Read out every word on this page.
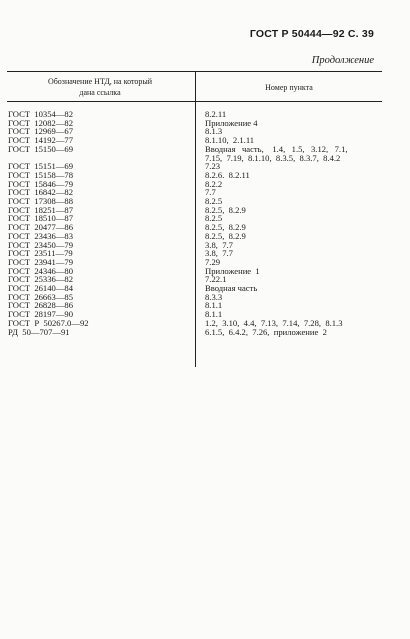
ГОСТ Р 50444—92 С. 39
Продолжение
Обозначение НТД, на который
дана ссылка
Номер пункта
ГОСТ  10354—82	8.2.11
ГОСТ  12082—82	Приложение 4
ГОСТ  12969—67	8.1.3
ГОСТ  14192—77	8.1.10,  2.1.11
ГОСТ  15150—69	Вводная   часть,    1.4,   1.5,   3.12,   7.1,
7.15,  7.19,  8.1.10,  8.3.5,  8.3.7,  8.4.2
ГОСТ  15151—69	7.23
ГОСТ  15158—78	8.2.6.  8.2.11
ГОСТ  15846—79	8.2.2
ГОСТ  16842—82	7.7
ГОСТ  17308—88	8.2.5
ГОСТ  18251—87	8.2.5,  8.2.9
ГОСТ  18510—87	8.2.5
ГОСТ  20477—86	8.2.5,  8.2.9
ГОСТ  23436—83	8.2.5,  8.2.9
ГОСТ  23450—79	3.8,  7.7
ГОСТ  23511—79	3.8,  7.7
ГОСТ  23941—79	7.29
ГОСТ  24346—80	Приложение  1
ГОСТ  25336—82	7.22.1
ГОСТ  26140—84	Вводная часть
ГОСТ  26663—85	8.3.3
ГОСТ  26828—86	8.1.1
ГОСТ  28197—90	8.1.1
ГОСТ  Р  50267.0—92	1.2,  3.10,  4.4,  7.13,  7.14,  7.28,  8.1.3
РД  50—707—91	6.1.5,  6.4.2,  7.26,  приложение  2
